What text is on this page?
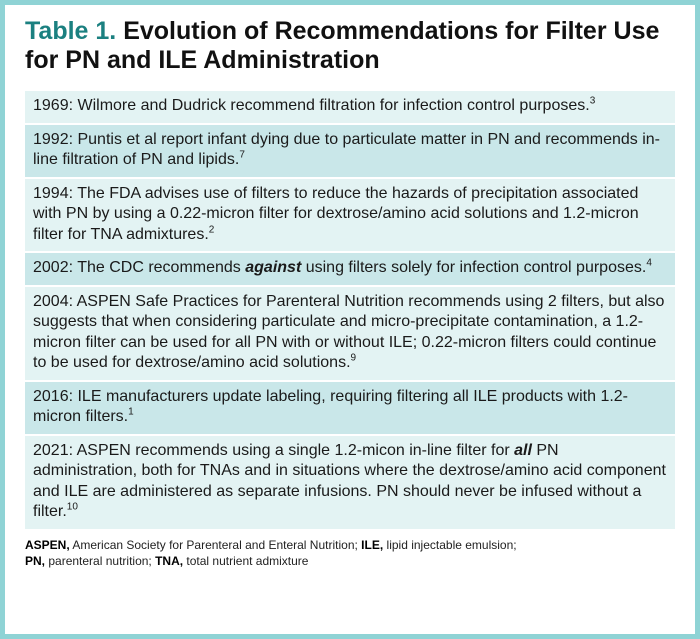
Table 1. Evolution of Recommendations for Filter Use for PN and ILE Administration
1969: Wilmore and Dudrick recommend filtration for infection control purposes.$^3$
1992: Puntis et al report infant dying due to particulate matter in PN and recommends in-line filtration of PN and lipids.$^7$
1994: The FDA advises use of filters to reduce the hazards of precipitation associated with PN by using a 0.22-micron filter for dextrose/amino acid solutions and 1.2-micron filter for TNA admixtures.$^2$
2002: The CDC recommends against using filters solely for infection control purposes.$^4$
2004: ASPEN Safe Practices for Parenteral Nutrition recommends using 2 filters, but also suggests that when considering particulate and micro-precipitate contamination, a 1.2-micron filter can be used for all PN with or without ILE; 0.22-micron filters could continue to be used for dextrose/amino acid solutions.$^9$
2016: ILE manufacturers update labeling, requiring filtering all ILE products with 1.2-micron filters.$^1$
2021: ASPEN recommends using a single 1.2-micon in-line filter for all PN administration, both for TNAs and in situations where the dextrose/amino acid component and ILE are administered as separate infusions. PN should never be infused without a filter.$^{10}$
ASPEN, American Society for Parenteral and Enteral Nutrition; ILE, lipid injectable emulsion;
PN, parenteral nutrition; TNA, total nutrient admixture
